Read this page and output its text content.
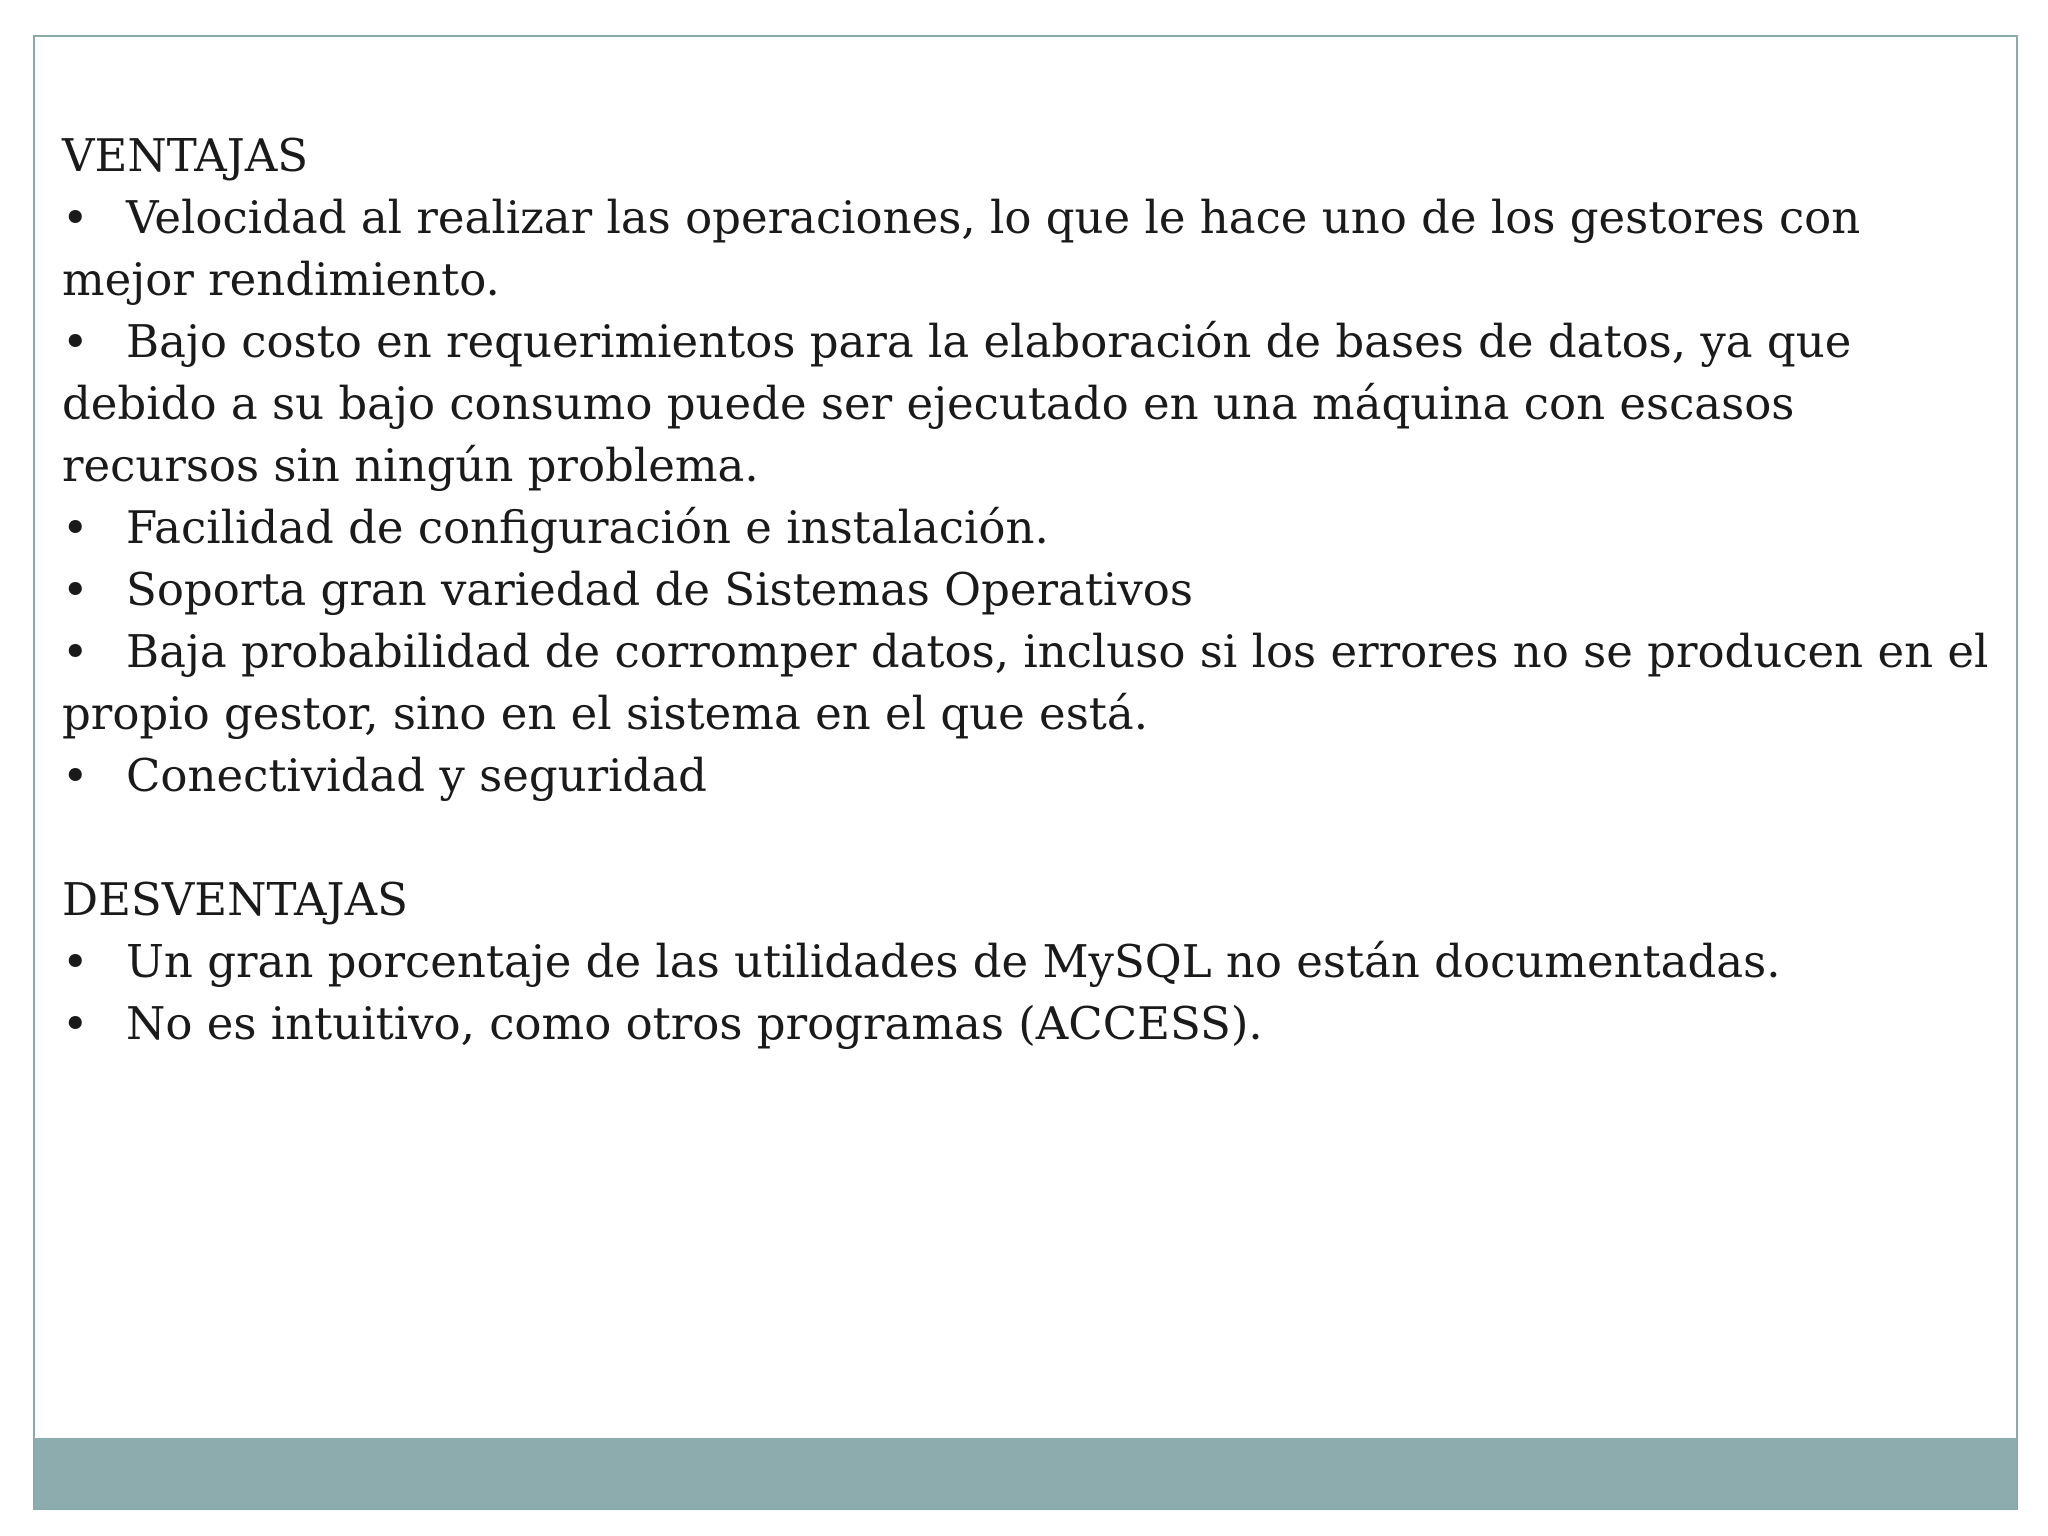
VENTAJAS
• Velocidad al realizar las operaciones, lo que le hace uno de los gestores con mejor rendimiento.
• Bajo costo en requerimientos para la elaboración de bases de datos, ya que debido a su bajo consumo puede ser ejecutado en una máquina con escasos recursos sin ningún problema.
• Facilidad de configuración e instalación.
• Soporta gran variedad de Sistemas Operativos
• Baja probabilidad de corromper datos, incluso si los errores no se producen en el propio gestor, sino en el sistema en el que está.
• Conectividad y seguridad
DESVENTAJAS
• Un gran porcentaje de las utilidades de MySQL no están documentadas.
• No es intuitivo, como otros programas (ACCESS).
